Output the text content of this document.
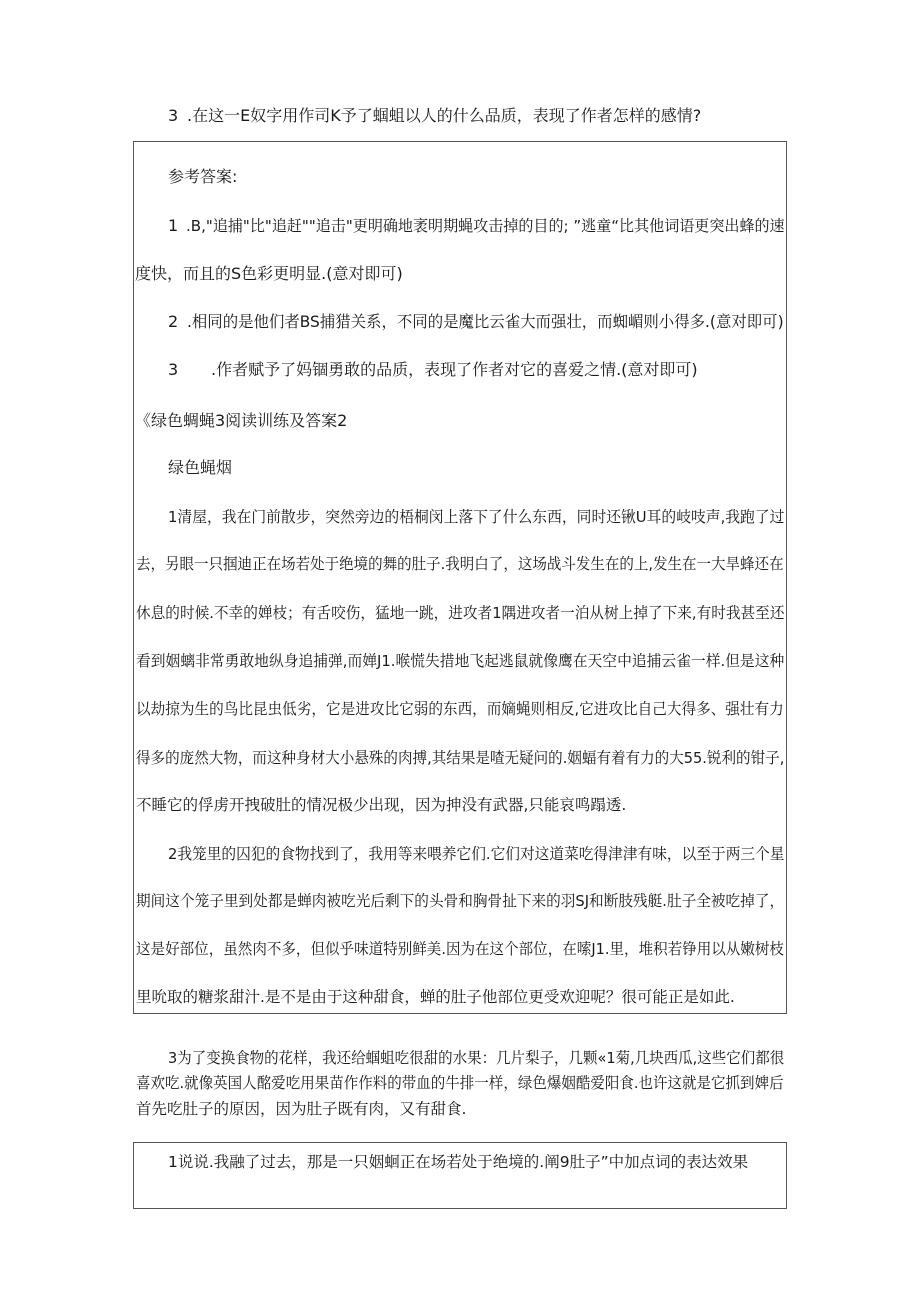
3 .在这一E奴字用作司K予了蝈蛆以人的什么品质，表现了作者怎样的感情?
参考答案:
1 .B,"追捕"比"追赶""追击"更明确地袤明期蝇攻击掉的目的; ”逃童“比其他词语更突出蜂的速
度快，而且的S色彩更明显.(意对即可)
2 .相同的是他们者BS捕猎关系，不同的是魔比云雀大而强壮，而蜘嵋则小得多.(意对即可)
3 .作者赋予了妈锢勇敢的品质，表现了作者对它的喜爱之情.(意对即可)
《绿色蜩蝇3阅读训练及答案2
绿色蝇烟
1清屋，我在门前散步，突然旁边的梧桐闵上落下了什么东西，同时还锹U耳的岐吱声,我跑了过
去，另眼一只掴迪正在场若处于绝境的舞的肚子.我明白了，这场战斗发生在的上,发生在一大旱蜂还在
休息的时候.不幸的婵枝；有舌咬伤，猛地一跳，进攻者1隅进攻者一泊从树上掉了下来,有时我甚至还
看到姻螭非常勇敢地纵身追捕弹,而婵J1.喉慌失措地飞起逃鼠就像鹰在天空中追捕云雀一样.但是这种
以劫掠为生的鸟比昆虫低劣，它是进攻比它弱的东西，而嫡蝇则相反,它进攻比自己大得多、强壮有力
得多的庞然大物，而这种身材大小悬殊的肉搏,其结果是喳无疑问的.姻蝠有着有力的大55.锐利的钳子,
不睡它的俘虏开拽破肚的情况极少出现，因为抻没有武器,只能哀鸣蹋透.
2我笼里的囚犯的食物找到了，我用等来喂养它们.它们对这道菜吃得津津有味，以至于两三个星
期间这个笼子里到处都是蝉肉被吃光后剩下的头骨和胸骨扯下来的羽SJ和断肢残艇.肚子全被吃掉了，
这是好部位，虽然肉不多，但似乎味道特别鲜美.因为在这个部位，在嗦J1.里，堆积若铮用以从嫩树枝
里吮取的糖浆甜汁.是不是由于这种甜食，蝉的肚子他部位更受欢迎呢？很可能正是如此.
3为了变换食物的花样，我还给蝈蛆吃很甜的水果：几片梨子，几颗«1菊,几块西瓜,这些它们都很
喜欢吃.就像英国人酩爱吃用果苗作作料的带血的牛排一样，绿色爆姻酷爱阳食.也许这就是它抓到婢后
首先吃肚子的原因，因为肚子既有肉，又有甜食.
1说说.我融了过去，那是一只姻蛔正在场若处于绝境的.阐9肚子”中加点词的表达效果
